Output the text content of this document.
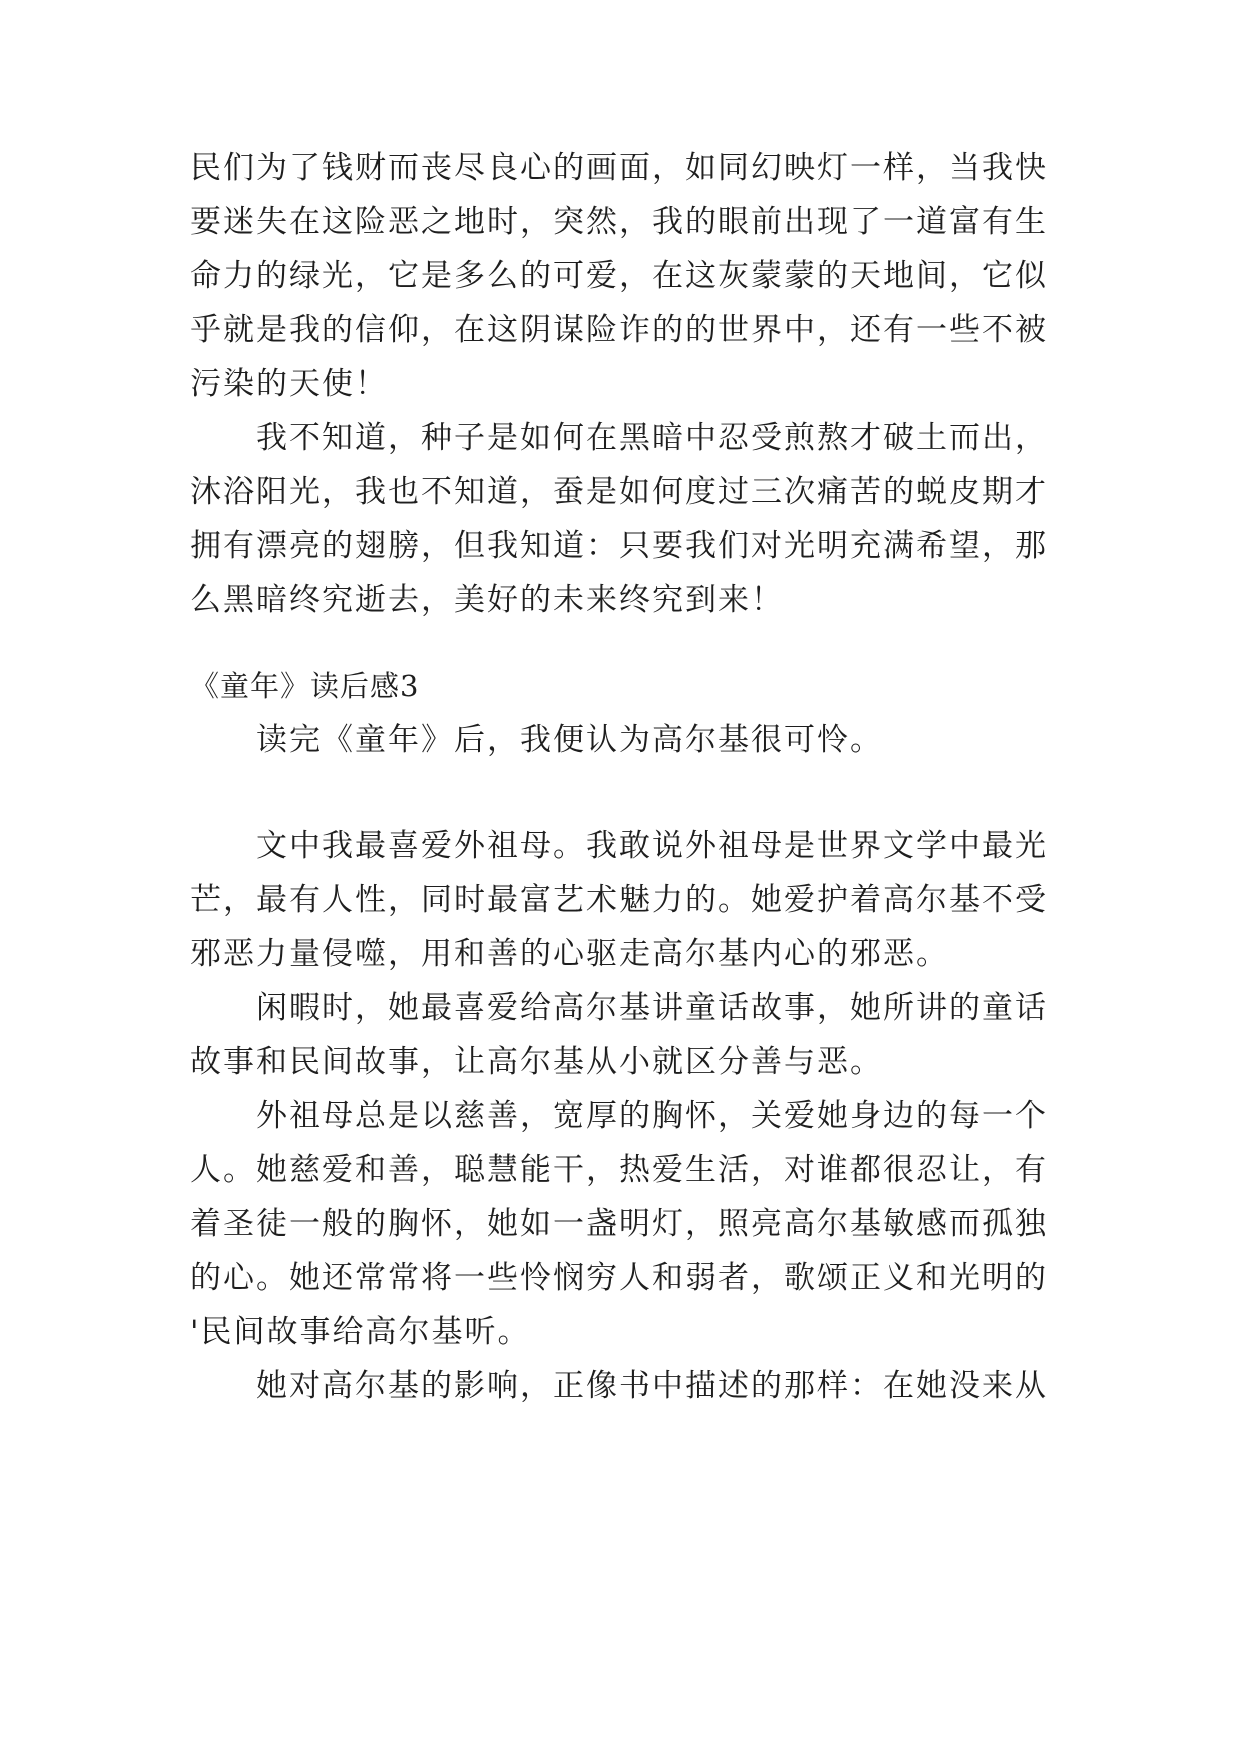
民们为了钱财而丧尽良心的画面，如同幻映灯一样，当我快
要迷失在这险恶之地时，突然，我的眼前出现了一道富有生
命力的绿光，它是多么的可爱，在这灰蒙蒙的天地间，它似
乎就是我的信仰，在这阴谋险诈的的世界中，还有一些不被
污染的天使！
我不知道，种子是如何在黑暗中忍受煎熬才破土而出，
沐浴阳光，我也不知道，蚕是如何度过三次痛苦的蜕皮期才
拥有漂亮的翅膀，但我知道：只要我们对光明充满希望，那
么黑暗终究逝去，美好的未来终究到来！
《童年》读后感3
读完《童年》后，我便认为高尔基很可怜。
文中我最喜爱外祖母。我敢说外祖母是世界文学中最光
芒，最有人性，同时最富艺术魅力的。她爱护着高尔基不受
邪恶力量侵噬，用和善的心驱走高尔基内心的邪恶。
闲暇时，她最喜爱给高尔基讲童话故事，她所讲的童话
故事和民间故事，让高尔基从小就区分善与恶。
外祖母总是以慈善，宽厚的胸怀，关爱她身边的每一个
人。她慈爱和善，聪慧能干，热爱生活，对谁都很忍让，有
着圣徒一般的胸怀，她如一盏明灯，照亮高尔基敏感而孤独
的心。她还常常将一些怜悯穷人和弱者，歌颂正义和光明的
'民间故事给高尔基听。
她对高尔基的影响，正像书中描述的那样：在她没来从
